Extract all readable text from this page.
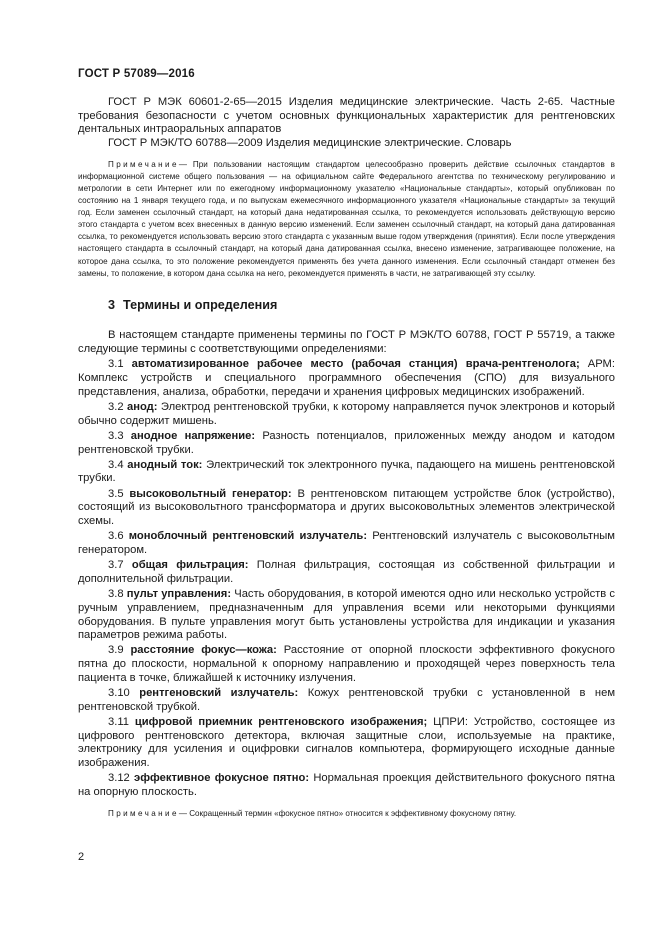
ГОСТ Р 57089—2016

ГОСТ Р МЭК 60601-2-65—2015 Изделия медицинские электрические. Часть 2-65. Частные требования безопасности с учетом основных функциональных характеристик для рентгеновских дентальных интраоральных аппаратов

ГОСТ Р МЭК/ТО 60788—2009 Изделия медицинские электрические. Словарь

Примечание— При пользовании настоящим стандартом целесообразно проверить действие ссылочных стандартов в информационной системе общего пользования — на официальном сайте Федерального агентства по техническому регулированию и метрологии в сети Интернет или по ежегодному информационному указателю «Национальные стандарты», который опубликован по состоянию на 1 января текущего года, и по выпускам ежемесячного информационного указателя «Национальные стандарты» за текущий год. Если заменен ссылочный стандарт, на который дана недатированная ссылка, то рекомендуется использовать действующую версию этого стандарта с учетом всех внесенных в данную версию изменений. Если заменен ссылочный стандарт, на который дана датированная ссылка, то рекомендуется использовать версию этого стандарта с указанным выше годом утверждения (принятия). Если после утверждения настоящего стандарта в ссылочный стандарт, на который дана датированная ссылка, внесено изменение, затрагивающее положение, на которое дана ссылка, то это положение рекомендуется применять без учета данного изменения. Если ссылочный стандарт отменен без замены, то положение, в котором дана ссылка на него, рекомендуется применять в части, не затрагивающей эту ссылку.

3 Термины и определения

В настоящем стандарте применены термины по ГОСТ Р МЭК/ТО 60788, ГОСТ Р 55719, а также следующие термины с соответствующими определениями:

3.1 автоматизированное рабочее место (рабочая станция) врача-рентгенолога; АРМ: Комплекс устройств и специального программного обеспечения (СПО) для визуального представления, анализа, обработки, передачи и хранения цифровых медицинских изображений.

3.2 анод: Электрод рентгеновской трубки, к которому направляется пучок электронов и который обычно содержит мишень.

3.3 анодное напряжение: Разность потенциалов, приложенных между анодом и катодом рентгеновской трубки.

3.4 анодный ток: Электрический ток электронного пучка, падающего на мишень рентгеновской трубки.

3.5 высоковольтный генератор: В рентгеновском питающем устройстве блок (устройство), состоящий из высоковольтного трансформатора и других высоковольтных элементов электрической схемы.

3.6 моноблочный рентгеновский излучатель: Рентгеновский излучатель с высоковольтным генератором.

3.7 общая фильтрация: Полная фильтрация, состоящая из собственной фильтрации и дополнительной фильтрации.

3.8 пульт управления: Часть оборудования, в которой имеются одно или несколько устройств с ручным управлением, предназначенным для управления всеми или некоторыми функциями оборудования. В пульте управления могут быть установлены устройства для индикации и указания параметров режима работы.

3.9 расстояние фокус—кожа: Расстояние от опорной плоскости эффективного фокусного пятна до плоскости, нормальной к опорному направлению и проходящей через поверхность тела пациента в точке, ближайшей к источнику излучения.

3.10 рентгеновский излучатель: Кожух рентгеновской трубки с установленной в нем рентгеновской трубкой.

3.11 цифровой приемник рентгеновского изображения; ЦПРИ: Устройство, состоящее из цифрового рентгеновского детектора, включая защитные слои, используемые на практике, электронику для усиления и оцифровки сигналов компьютера, формирующего исходные данные изображения.

3.12 эффективное фокусное пятно: Нормальная проекция действительного фокусного пятна на опорную плоскость.

Примечание— Сокращенный термин «фокусное пятно» относится к эффективному фокусному пятну.

2
